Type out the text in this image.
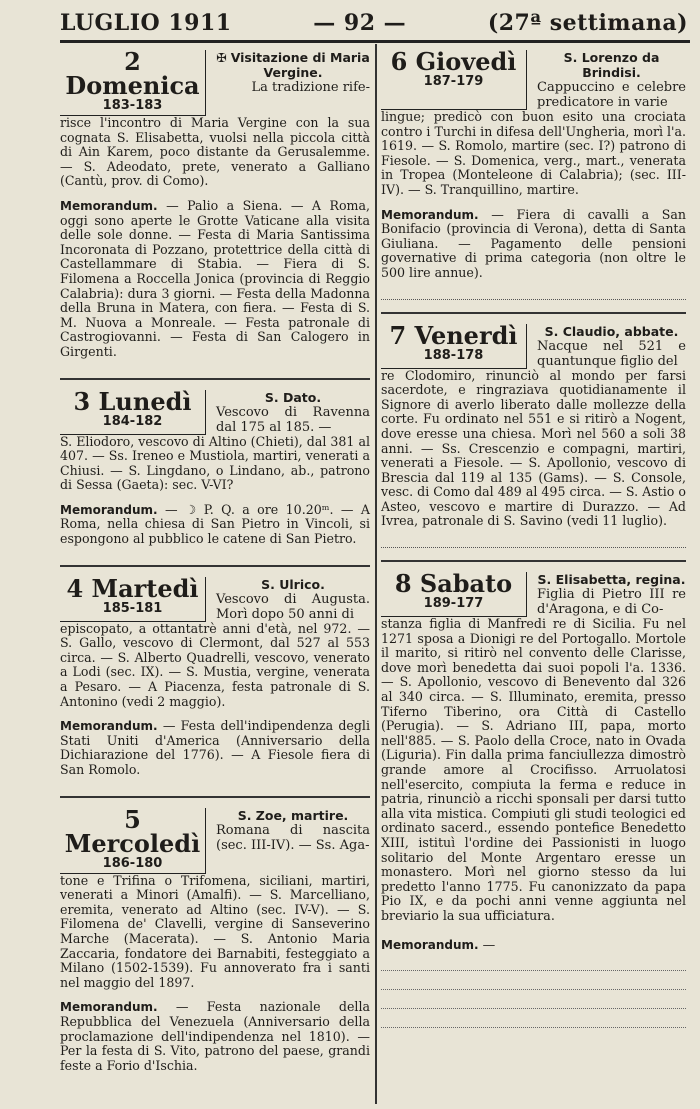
LUGLIO 1911	— 92 —	(27ª settimana)
2 Domenica
183-183
✠ Visitazione di Maria Vergine.
La tradizione rife-
risce l'incontro di Maria Vergine con la sua cognata S. Elisabetta, vuolsi nella piccola città di Ain Karem, poco distante da Gerusalemme. — S. Adeodato, prete, venerato a Galliano (Cantù, prov. di Como).
Memorandum. — Palio a Siena. — A Roma, oggi sono aperte le Grotte Vaticane alla visita delle sole donne. — Festa di Maria Santissima Incoronata di Pozzano, protettrice della città di Castellammare di Stabia. — Fiera di S. Filomena a Roccella Jonica (provincia di Reggio Calabria): dura 3 giorni. — Festa della Madonna della Bruna in Matera, con fiera. — Festa di S. M. Nuova a Monreale. — Festa patronale di Castrogiovanni. — Festa di San Calogero in Girgenti.
3 Lunedì
184-182
S. Dato.
Vescovo di Ravenna dal 175 al 185. —
S. Eliodoro, vescovo di Altino (Chieti), dal 381 al 407. — Ss. Ireneo e Mustiola, martiri, venerati a Chiusi. — S. Lingdano, o Lindano, ab., patrono di Sessa (Gaeta): sec. V-VI?
Memorandum. — ☽ P. Q. a ore 10.20ᵐ. — A Roma, nella chiesa di San Pietro in Vincoli, si espongono al pubblico le catene di San Pietro.
4 Martedì
185-181
S. Ulrico.
Vescovo di Augusta. Morì dopo 50 anni di
episcopato, a ottantatrè anni d'età, nel 972. — S. Gallo, vescovo di Clermont, dal 527 al 553 circa. — S. Alberto Quadrelli, vescovo, venerato a Lodi (sec. IX). — S. Mustia, vergine, venerata a Pesaro. — A Piacenza, festa patronale di S. Antonino (vedi 2 maggio).
Memorandum. — Festa dell'indipendenza degli Stati Uniti d'America (Anniversario della Dichiarazione del 1776). — A Fiesole fiera di San Romolo.
5 Mercoledì
186-180
S. Zoe, martire.
Romana di nascita (sec. III-IV). — Ss. Aga-
tone e Trifina o Trifomena, siciliani, martiri, venerati a Minori (Amalfi). — S. Marcelliano, eremita, venerato ad Altino (sec. IV-V). — S. Filomena de' Clavelli, vergine di Sanseverino Marche (Macerata). — S. Antonio Maria Zaccaria, fondatore dei Barnabiti, festeggiato a Milano (1502-1539). Fu annoverato fra i santi nel maggio del 1897.
Memorandum. — Festa nazionale della Repubblica del Venezuela (Anniversario della proclamazione dell'indipendenza nel 1810). — Per la festa di S. Vito, patrono del paese, grandi feste a Forio d'Ischia.
6 Giovedì
187-179
S. Lorenzo da Brindisi.
Cappuccino e celebre predicatore in varie
lingue; predicò con buon esito una crociata contro i Turchi in difesa dell'Ungheria, morì l'a. 1619. — S. Romolo, martire (sec. I?) patrono di Fiesole. — S. Domenica, verg., mart., venerata in Tropea (Monteleone di Calabria); (sec. III-IV). — S. Tranquillino, martire.
Memorandum. — Fiera di cavalli a San Bonifacio (provincia di Verona), detta di Santa Giuliana. — Pagamento delle pensioni governative di prima categoria (non oltre le 500 lire annue).
7 Venerdì
188-178
S. Claudio, abbate.
Nacque nel 521 e quantunque figlio del
re Clodomiro, rinunciò al mondo per farsi sacerdote, e ringraziava quotidianamente il Signore di averlo liberato dalle mollezze della corte. Fu ordinato nel 551 e si ritirò a Nogent, dove eresse una chiesa. Morì nel 560 a soli 38 anni. — Ss. Crescenzio e compagni, martiri, venerati a Fiesole. — S. Apollonio, vescovo di Brescia dal 119 al 135 (Gams). — S. Console, vesc. di Como dal 489 al 495 circa. — S. Astio o Asteo, vescovo e martire di Durazzo. — Ad Ivrea, patronale di S. Savino (vedi 11 luglio).
8 Sabato
189-177
S. Elisabetta, regina.
Figlia di Pietro III re d'Aragona, e di Co-
stanza figlia di Manfredi re di Sicilia. Fu nel 1271 sposa a Dionigi re del Portogallo. Mortole il marito, si ritirò nel convento delle Clarisse, dove morì benedetta dai suoi popoli l'a. 1336. — S. Apollonio, vescovo di Benevento dal 326 al 340 circa. — S. Illuminato, eremita, presso Tiferno Tiberino, ora Città di Castello (Perugia). — S. Adriano III, papa, morto nell'885. — S. Paolo della Croce, nato in Ovada (Liguria). Fin dalla prima fanciullezza dimostrò grande amore al Crocifisso. Arruolatosi nell'esercito, compiuta la ferma e reduce in patria, rinunciò a ricchi sponsali per darsi tutto alla vita mistica. Compiuti gli studi teologici ed ordinato sacerd., essendo pontefice Benedetto XIII, istituì l'ordine dei Passionisti in luogo solitario del Monte Argentaro eresse un monastero. Morì nel giorno stesso da lui predetto l'anno 1775. Fu canonizzato da papa Pio IX, e da pochi anni venne aggiunta nel breviario la sua ufficiatura.
Memorandum. —
